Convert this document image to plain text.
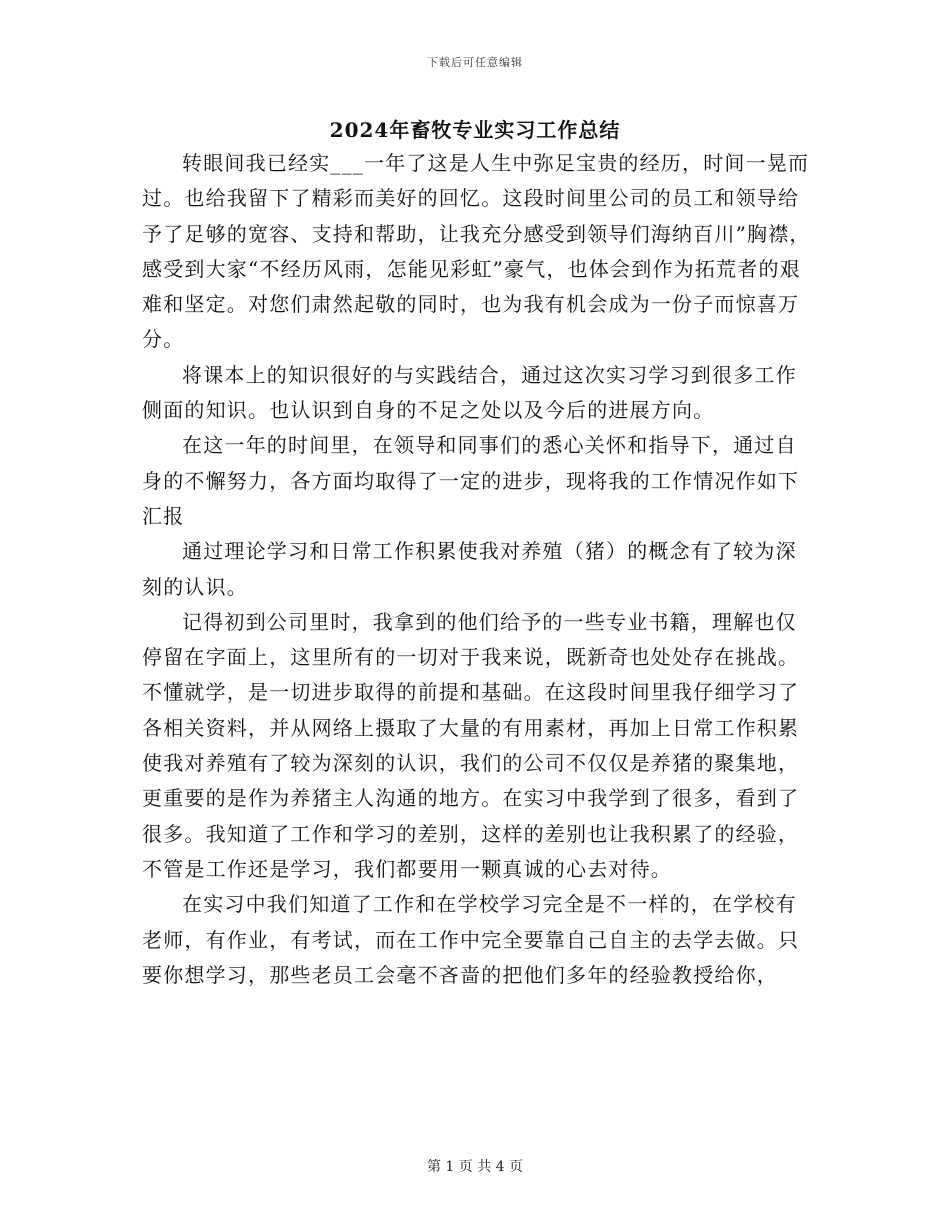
下载后可任意编辑
2024年畜牧专业实习工作总结

转眼间我已经实___一年了这是人生中弥足宝贵的经历，时间一晃而过。也给我留下了精彩而美好的回忆。这段时间里公司的员工和领导给予了足够的宽容、支持和帮助，让我充分感受到领导们海纳百川”胸襟，感受到大家“不经历风雨，怎能见彩虹”豪气，也体会到作为拓荒者的艰难和坚定。对您们肃然起敬的同时，也为我有机会成为一份子而惊喜万分。

将课本上的知识很好的与实践结合，通过这次实习学习到很多工作侧面的知识。也认识到自身的不足之处以及今后的进展方向。

在这一年的时间里，在领导和同事们的悉心关怀和指导下，通过自身的不懈努力，各方面均取得了一定的进步，现将我的工作情况作如下汇报

通过理论学习和日常工作积累使我对养殖（猪）的概念有了较为深刻的认识。

记得初到公司里时，我拿到的他们给予的一些专业书籍，理解也仅停留在字面上，这里所有的一切对于我来说，既新奇也处处存在挑战。不懂就学，是一切进步取得的前提和基础。在这段时间里我仔细学习了各相关资料，并从网络上摄取了大量的有用素材，再加上日常工作积累使我对养殖有了较为深刻的认识，我们的公司不仅仅是养猪的聚集地，更重要的是作为养猪主人沟通的地方。在实习中我学到了很多，看到了很多。我知道了工作和学习的差别，这样的差别也让我积累了的经验，不管是工作还是学习，我们都要用一颗真诚的心去对待。

在实习中我们知道了工作和在学校学习完全是不一样的，在学校有老师，有作业，有考试，而在工作中完全要靠自己自主的去学去做。只要你想学习，那些老员工会毫不吝啬的把他们多年的经验教授给你，

第 1 页 共 4 页
